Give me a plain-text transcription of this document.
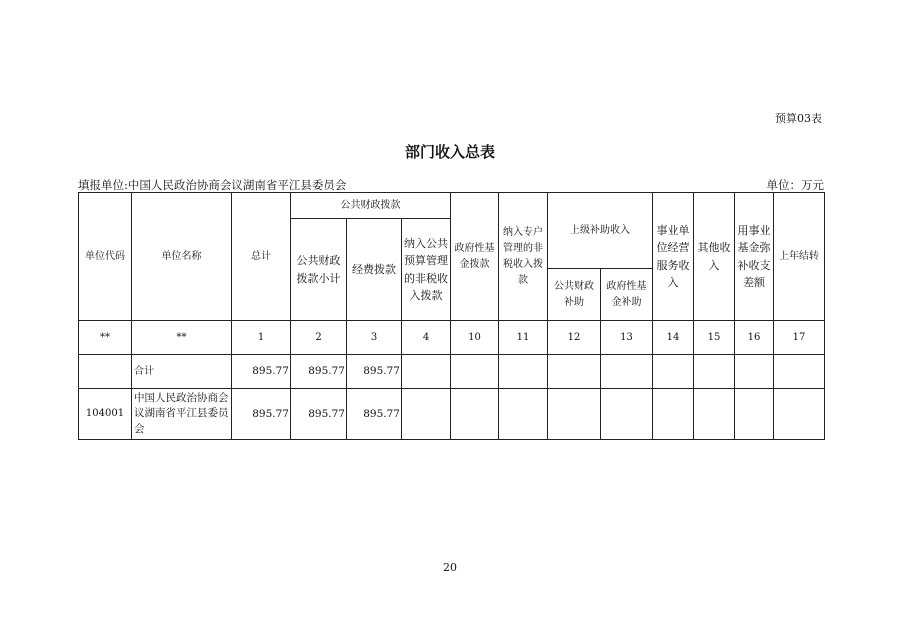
预算03表
部门收入总表
填报单位:中国人民政治协商会议湖南省平江县委员会	单位：万元
单位代码	单位名称	总计	公共财政拨款			政府性基金拨款	纳入专户管理的非税收入拨款	上级补助收入		事业单位经营服务收入	其他收入	用事业基金弥补收支差额	上年结转
			公共财政拨款小计	经费拨款	纳入公共预算管理的非税收入拨款								
								公共财政补助	政府性基金补助				
**	**	1	2	3	4	10	11	12	13	14	15	16	17
	合计	895.77	895.77	895.77									
104001	中国人民政治协商会议湖南省平江县委员会	895.77	895.77	895.77									
20
